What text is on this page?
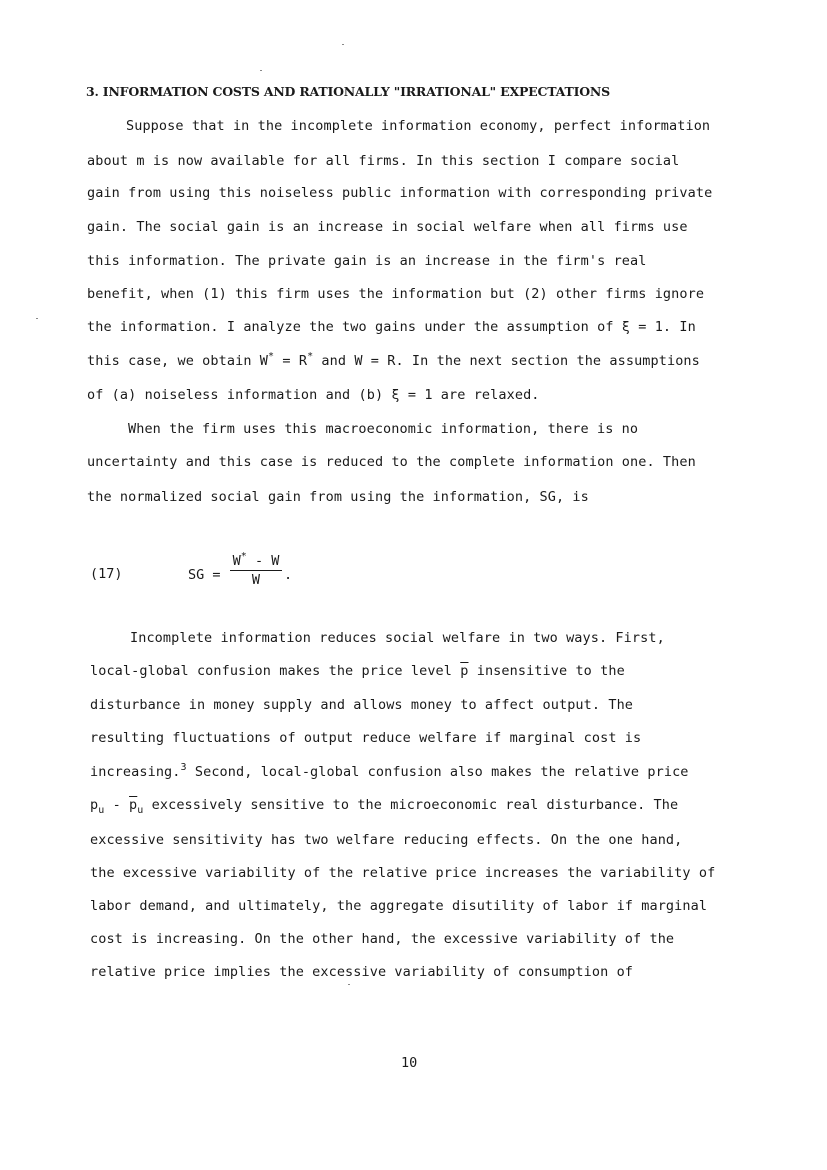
3. INFORMATION COSTS AND RATIONALLY "IRRATIONAL" EXPECTATIONS
Suppose that in the incomplete information economy, perfect information
about m is now available for all firms. In this section I compare social
gain from using this noiseless public information with corresponding private
gain. The social gain is an increase in social welfare when all firms use
this information. The private gain is an increase in the firm's real
benefit, when (1) this firm uses the information but (2) other firms ignore
the information. I analyze the two gains under the assumption of ξ = 1. In
this case, we obtain W* = R* and W = R. In the next section the assumptions
of (a) noiseless information and (b) ξ = 1 are relaxed.
When the firm uses this macroeconomic information, there is no
uncertainty and this case is reduced to the complete information one. Then
the normalized social gain from using the information, SG, is
(17)	SG =
W* - W
W	.
Incomplete information reduces social welfare in two ways. First,
local-global confusion makes the price level $\overline{p}$ insensitive to the
disturbance in money supply and allows money to affect output. The
resulting fluctuations of output reduce welfare if marginal cost is
increasing.$^3$ Second, local-global confusion also makes the relative price
$p_u - \overline{p}_u$ excessively sensitive to the microeconomic real disturbance. The
excessive sensitivity has two welfare reducing effects. On the one hand,
the excessive variability of the relative price increases the variability of
labor demand, and ultimately, the aggregate disutility of labor if marginal
cost is increasing. On the other hand, the excessive variability of the
relative price implies the excessive variability of consumption of
10
